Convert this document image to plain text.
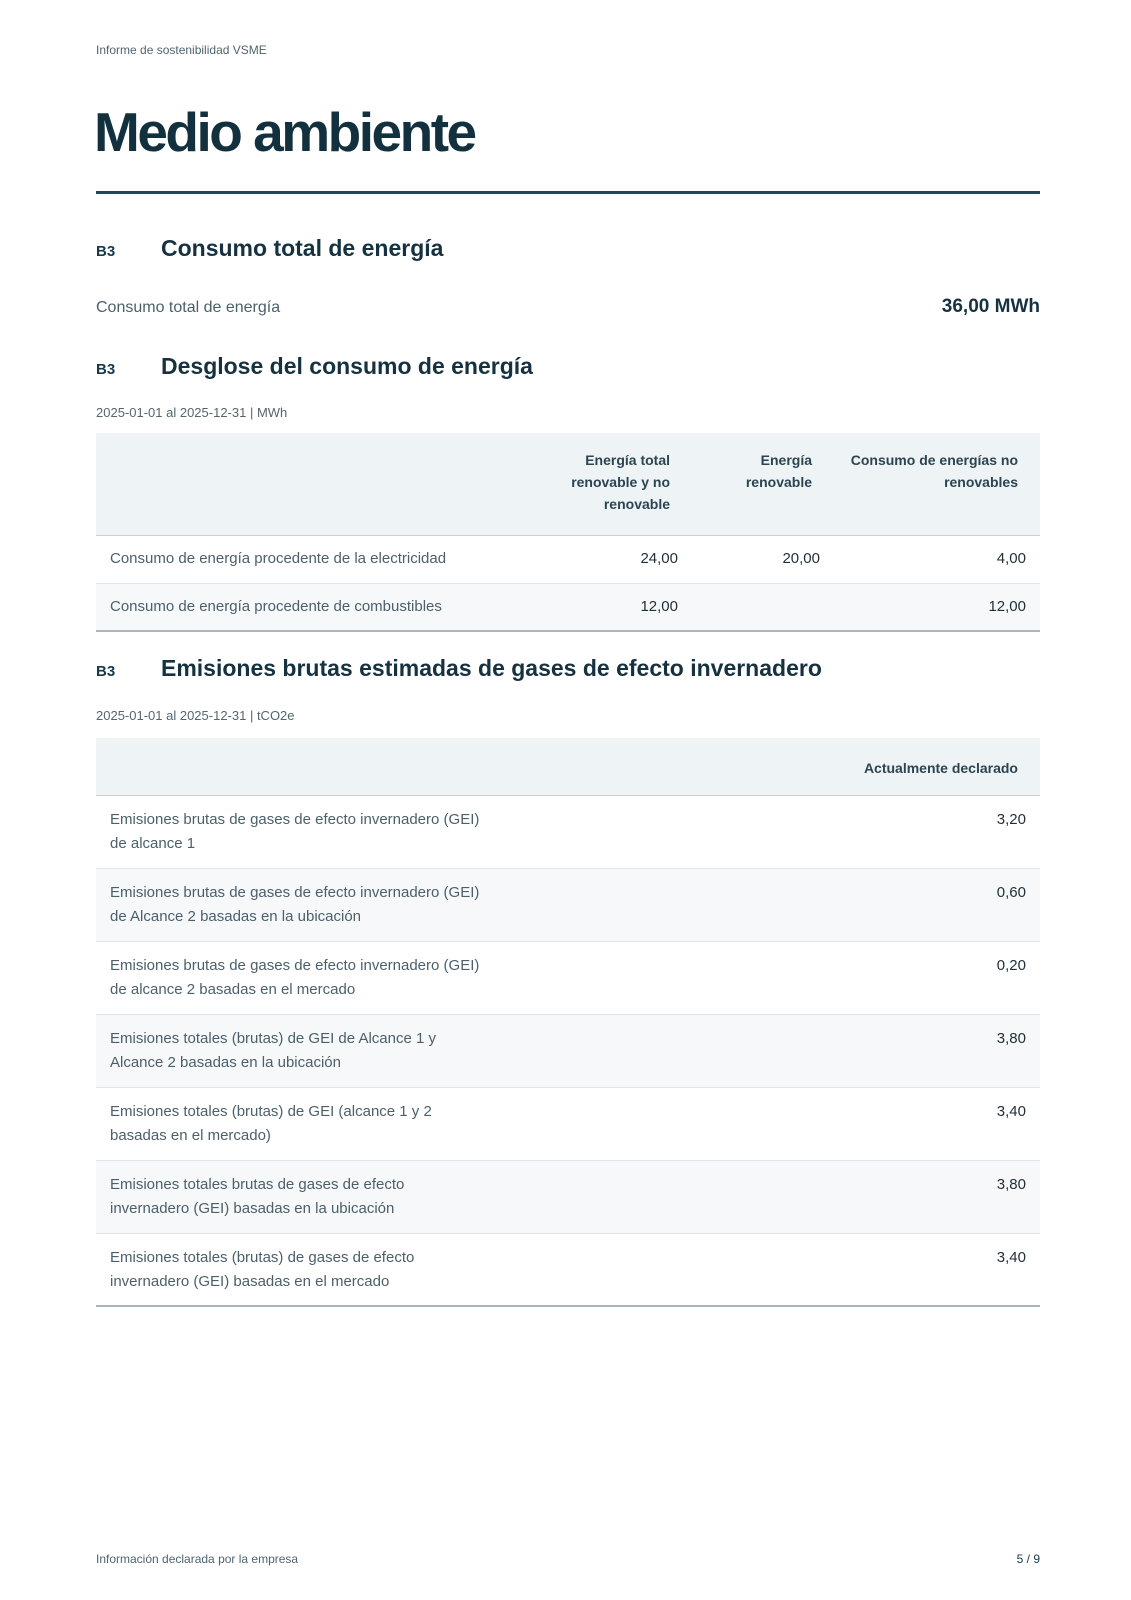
Informe de sostenibilidad VSME
Medio ambiente
B3 Consumo total de energía
Consumo total de energía	36,00 MWh
B3 Desglose del consumo de energía
2025-01-01 al 2025-12-31 | MWh
	Energía total renovable y no renovable	Energía renovable	Consumo de energías no renovables
Consumo de energía procedente de la electricidad	24,00	20,00	4,00
Consumo de energía procedente de combustibles	12,00		12,00
B3 Emisiones brutas estimadas de gases de efecto invernadero
2025-01-01 al 2025-12-31 | tCO2e
	Actualmente declarado

Emisiones brutas de gases de efecto invernadero (GEI) de alcance 1	3,20

Emisiones brutas de gases de efecto invernadero (GEI) de Alcance 2 basadas en la ubicación	0,60

Emisiones brutas de gases de efecto invernadero (GEI) de alcance 2 basadas en el mercado	0,20

Emisiones totales (brutas) de GEI de Alcance 1 y Alcance 2 basadas en la ubicación	3,80

Emisiones totales (brutas) de GEI (alcance 1 y 2 basadas en el mercado)	3,40

Emisiones totales brutas de gases de efecto invernadero (GEI) basadas en la ubicación	3,80

Emisiones totales (brutas) de gases de efecto invernadero (GEI) basadas en el mercado	3,40
Información declarada por la empresa	5 / 9
